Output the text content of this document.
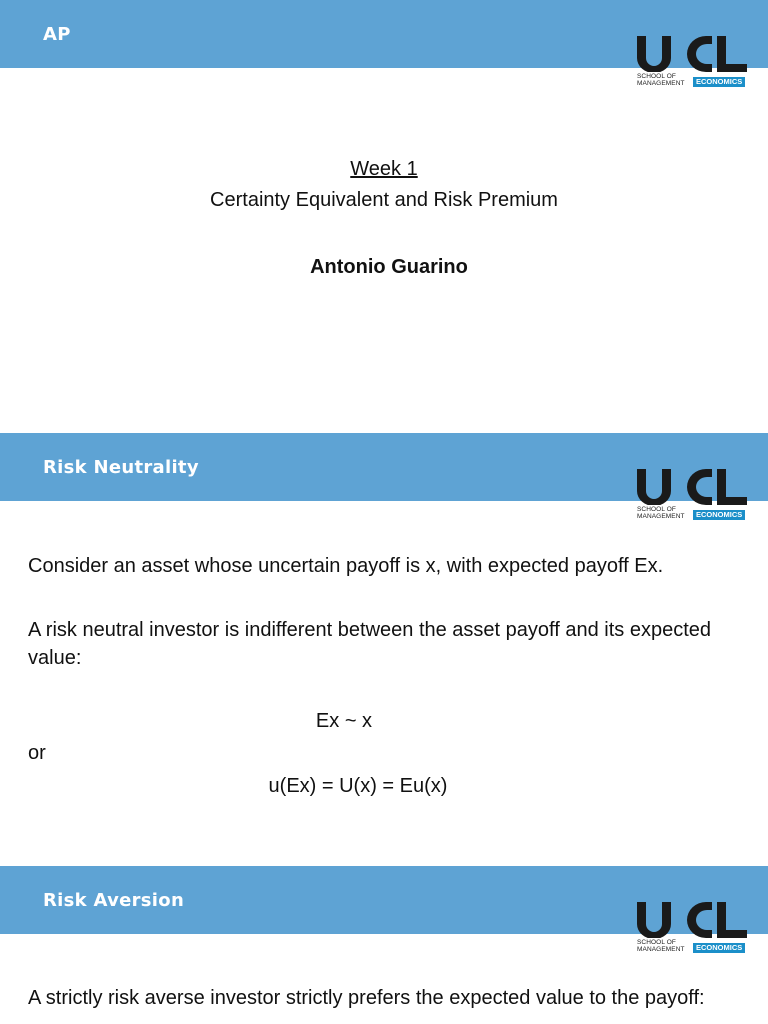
AP
SCHOOL OF
MANAGEMENT	ECONOMICS
Week 1
Certainty Equivalent and Risk Premium
Antonio Guarino
Risk Neutrality
SCHOOL OF
MANAGEMENT	ECONOMICS
Consider an asset whose uncertain payoff is x, with expected payoff Ex.
A risk neutral investor is indifferent between the asset payoff and its expected value:
Ex ~ x
or
u(Ex) = U(x) = Eu(x)
Risk Aversion
SCHOOL OF
MANAGEMENT	ECONOMICS
A strictly risk averse investor strictly prefers the expected value to the payoff:
